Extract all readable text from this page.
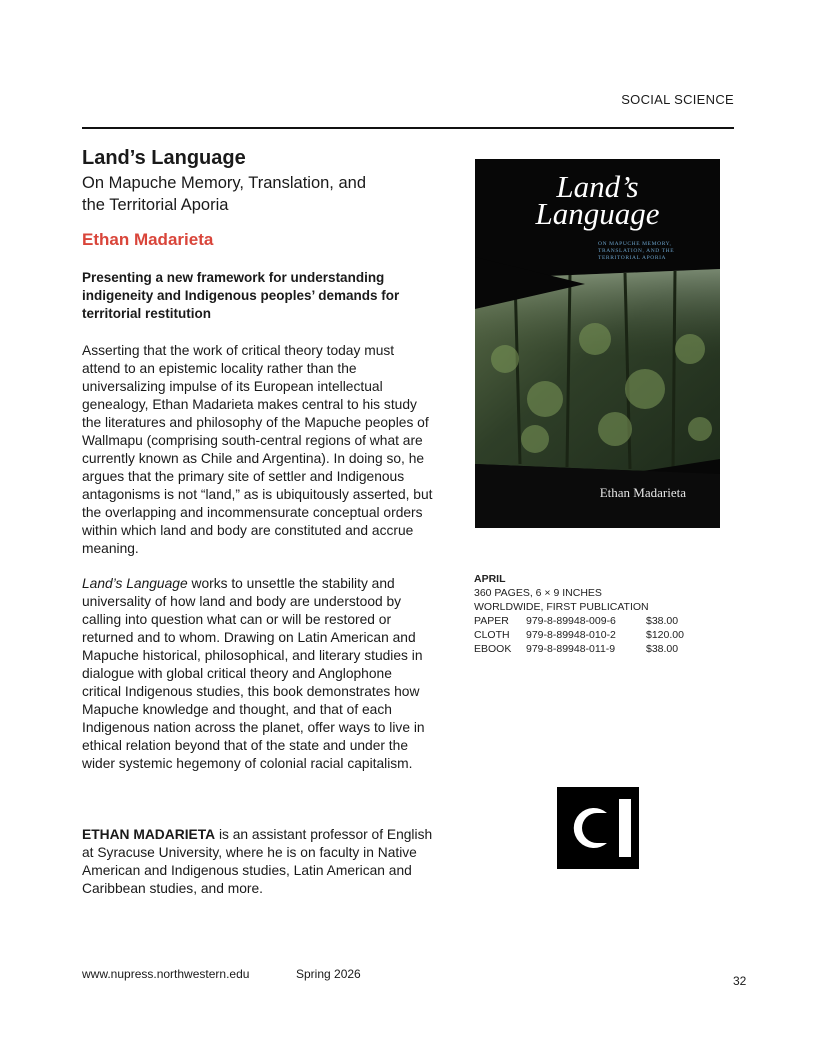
SOCIAL SCIENCE
Land’s Language
On Mapuche Memory, Translation, and the Territorial Aporia
Ethan Madarieta
Presenting a new framework for understanding indigeneity and Indigenous peoples’ demands for territorial restitution
Asserting that the work of critical theory today must attend to an epistemic locality rather than the universalizing impulse of its European intellectual genealogy, Ethan Madarieta makes central to his study the literatures and philosophy of the Mapuche peoples of Wallmapu (comprising south-central regions of what are currently known as Chile and Argentina). In doing so, he argues that the primary site of settler and Indigenous antagonisms is not “land,” as is ubiquitously asserted, but the overlapping and incommensurate conceptual orders within which land and body are constituted and accrue meaning.
Land’s Language works to unsettle the stability and universality of how land and body are understood by calling into question what can or will be restored or returned and to whom. Drawing on Latin American and Mapuche historical, philosophical, and literary studies in dialogue with global critical theory and Anglophone critical Indigenous studies, this book demonstrates how Mapuche knowledge and thought, and that of each Indigenous nation across the planet, offer ways to live in ethical relation beyond that of the state and under the wider systemic hegemony of colonial racial capitalism.
ETHAN MADARIETA is an assistant professor of English at Syracuse University, where he is on faculty in Native American and Indigenous studies, Latin American and Caribbean studies, and more.
Land’s
Language
ON MAPUCHE MEMORY, TRANSLATION, AND THE TERRITORIAL APORIA
Ethan Madarieta
APRIL
360 PAGES, 6 × 9 INCHES
WORLDWIDE, FIRST PUBLICATION
PAPER 979-8-89948-009-6	$38.00
CLOTH 979-8-89948-010-2	$120.00
EBOOK 979-8-89948-011-9	$38.00
www.nupress.northwestern.edu	Spring 2026	32
